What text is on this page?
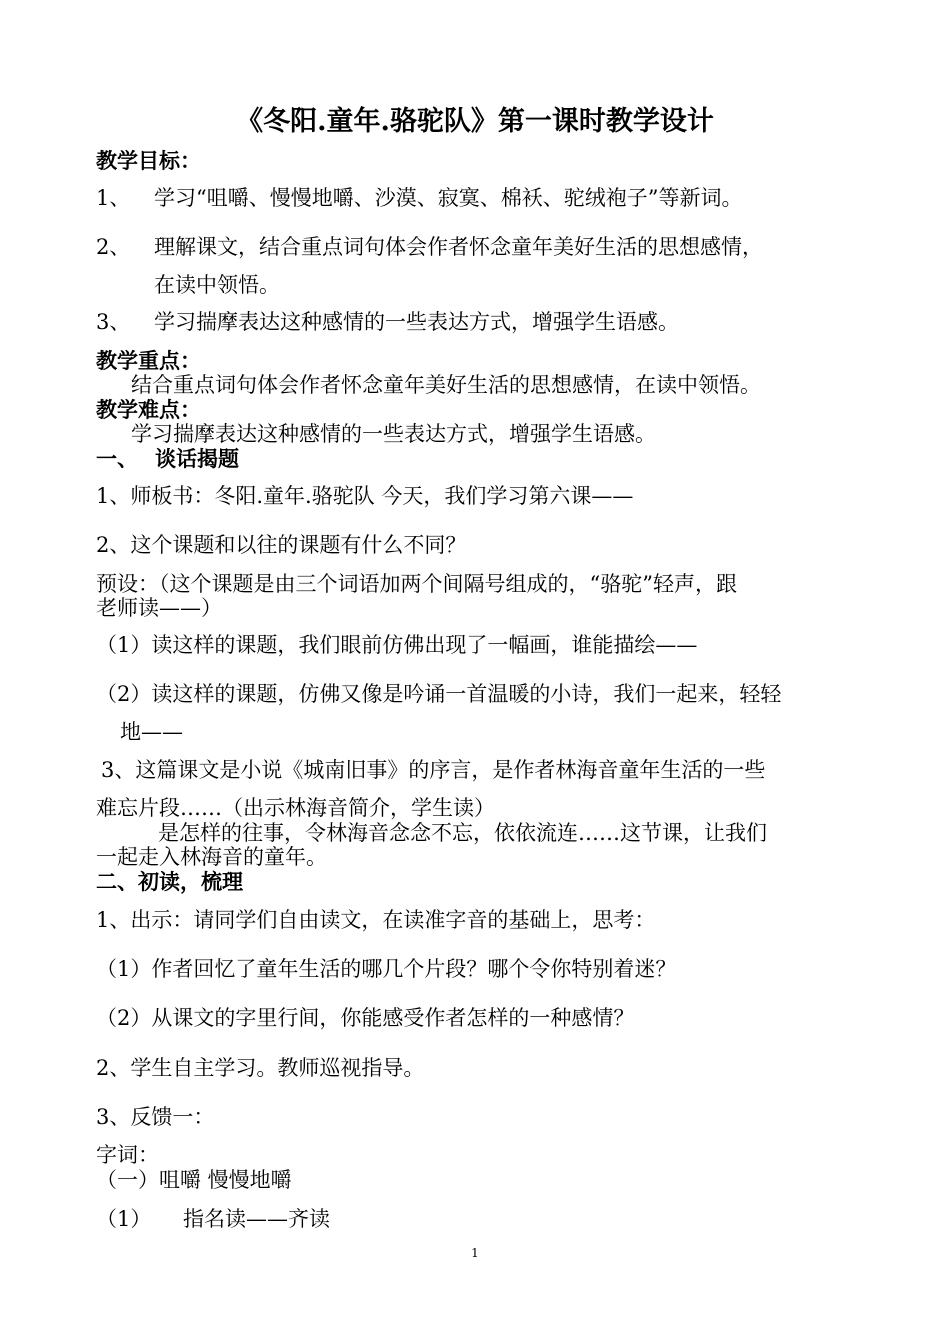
《冬阳.童年.骆驼队》第一课时教学设计
教学目标：
1、 学习“咀嚼、慢慢地嚼、沙漠、寂寞、棉袄、驼绒袍子”等新词。
2、 理解课文，结合重点词句体会作者怀念童年美好生活的思想感情，
在读中领悟。
3、 学习揣摩表达这种感情的一些表达方式，增强学生语感。
教学重点：
结合重点词句体会作者怀念童年美好生活的思想感情，在读中领悟。
教学难点：
学习揣摩表达这种感情的一些表达方式，增强学生语感。
一、 谈话揭题
1、师板书：冬阳.童年.骆驼队 今天，我们学习第六课——
2、这个课题和以往的课题有什么不同？
预设：（这个课题是由三个词语加两个间隔号组成的，“骆驼”轻声，跟
老师读——）
（1）读这样的课题，我们眼前仿佛出现了一幅画，谁能描绘——
（2）读这样的课题，仿佛又像是吟诵一首温暖的小诗，我们一起来，轻轻
地——
3、这篇课文是小说《城南旧事》的序言，是作者林海音童年生活的一些
难忘片段……（出示林海音简介，学生读）
是怎样的往事，令林海音念念不忘，依依流连……这节课，让我们
一起走入林海音的童年。
二、初读，梳理
1、出示：请同学们自由读文，在读准字音的基础上，思考：
（1）作者回忆了童年生活的哪几个片段？哪个令你特别着迷？
（2）从课文的字里行间，你能感受作者怎样的一种感情？
2、学生自主学习。教师巡视指导。
3、反馈一：
字词：
（一）咀嚼 慢慢地嚼
（1） 指名读——齐读
1
